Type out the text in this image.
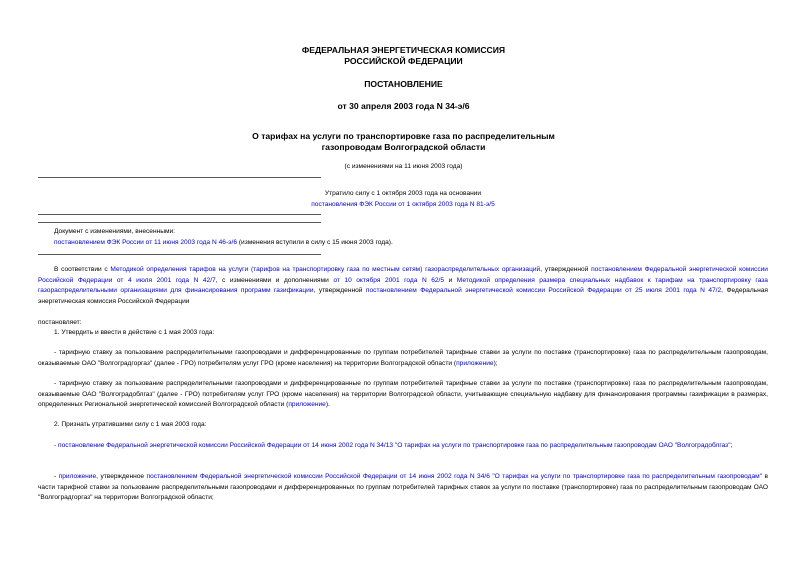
ФЕДЕРАЛЬНАЯ ЭНЕРГЕТИЧЕСКАЯ КОМИССИЯ
РОССИЙСКОЙ ФЕДЕРАЦИИ
ПОСТАНОВЛЕНИЕ
от 30 апреля 2003 года N 34-э/6
О тарифах на услуги по транспортировке газа по распределительным
газопроводам Волгоградской области
(с изменениями на 11 июня 2003 года)
Утратило силу с 1 октября 2003 года на основании
постановления ФЭК России от 1 октября 2003 года N 81-э/5
Документ с изменениями, внесенными:
постановлением ФЭК России от 11 июня 2003 года N 46-э/6 (изменения вступили в силу с 15 июня 2003 года).
В соответствии с Методикой определения тарифов на услуги (тарифов на транспортировку газа по местным сетям) газораспределительных организаций, утвержденной постановлением Федеральной энергетической комиссии Российской Федерации от 4 июля 2001 года N 42/7, с изменениями и дополнениями от 10 октября 2001 года N 62/5 и Методикой определения размера специальных надбавок к тарифам на транспортировку газа газораспределительными организациями для финансирования программ газификации, утвержденной постановлением Федеральной энергетической комиссии Российской Федерации от 25 июля 2001 года N 47/2, Федеральная энергетическая комиссия Российской Федерации
постановляет:
1. Утвердить и ввести в действие с 1 мая 2003 года:
- тарифную ставку за пользование распределительными газопроводами и дифференцированные по группам потребителей тарифные ставки за услуги по поставке (транспортировке) газа по распределительным газопроводам, оказываемые ОАО "Волгоградгоргаз" (далее - ГРО) потребителям услуг ГРО (кроме населения) на территории Волгоградской области (приложение);
- тарифную ставку за пользование распределительными газопроводами и дифференцированные по группам потребителей тарифные ставки за услуги по поставке (транспортировке) газа по распределительным газопроводам, оказываемые ОАО "Волгоградоблгаз" (далее - ГРО) потребителям услуг ГРО (кроме населения) на территории Волгоградской области, учитывающие специальную надбавку для финансирования программы газификации в размерах, определенных Региональной энергетической комиссией Волгоградской области (приложение).
2. Признать утратившими силу с 1 мая 2003 года:
- постановление Федеральной энергетической комиссии Российской Федерации от 14 июня 2002 года N 34/13 "О тарифах на услуги по транспортировке газа по распределительным газопроводам ОАО "Волгоградоблгаз";
- приложение, утвержденное постановлением Федеральной энергетической комиссии Российской Федерации от 14 июня 2002 года N 34/6 "О тарифах на услуги по транспортировке газа по распределительным газопроводам" в части тарифной ставки за пользование распределительными газопроводами и дифференцированных по группам потребителей тарифных ставок за услуги по поставке (транспортировке) газа по распределительным газопроводам ОАО "Волгоградгоргаз" на территории Волгоградской области;
